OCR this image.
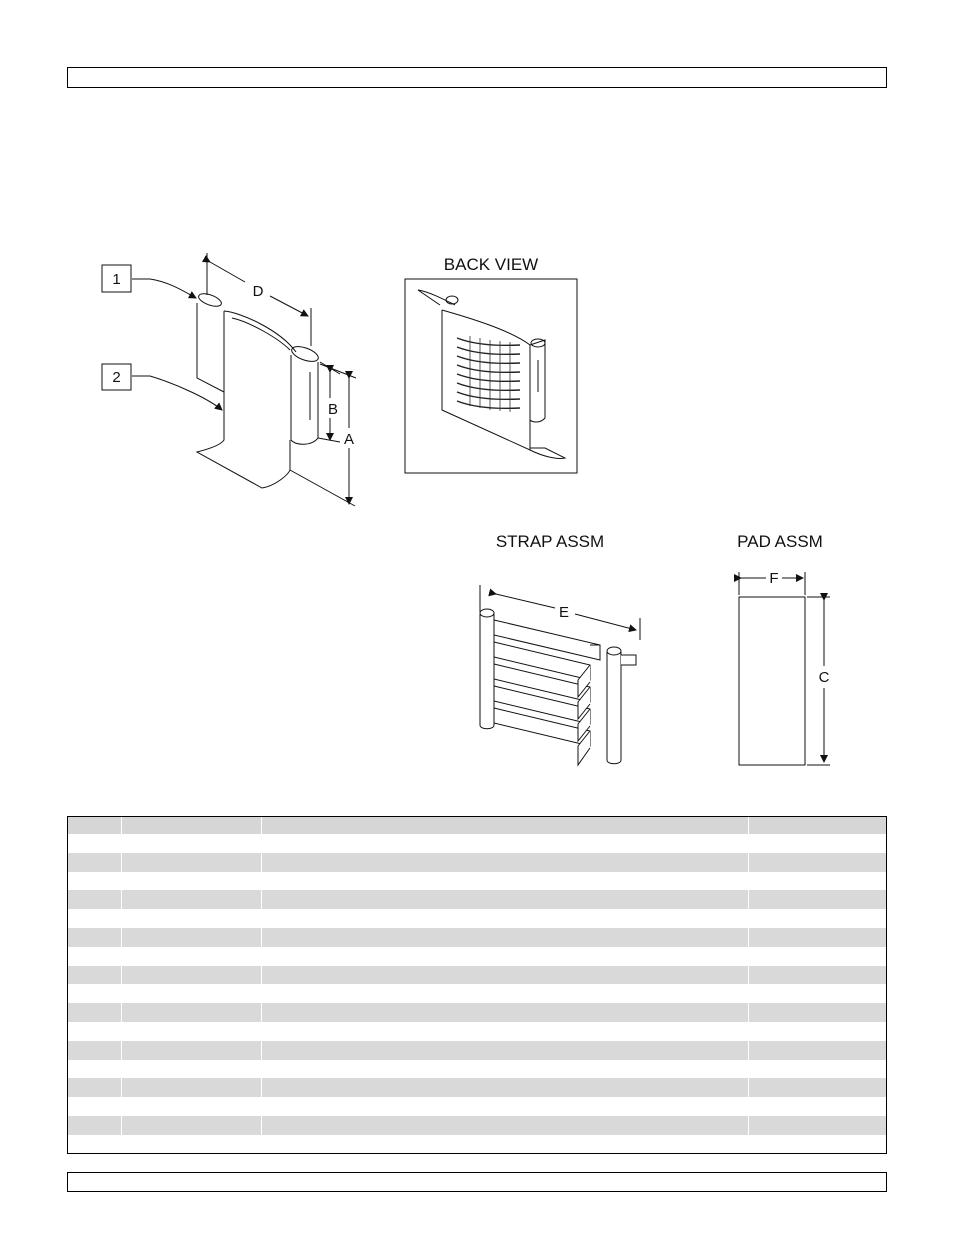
1
2
D
B
A
BACK VIEW
STRAP ASSM
E
PAD ASSM
F
C
